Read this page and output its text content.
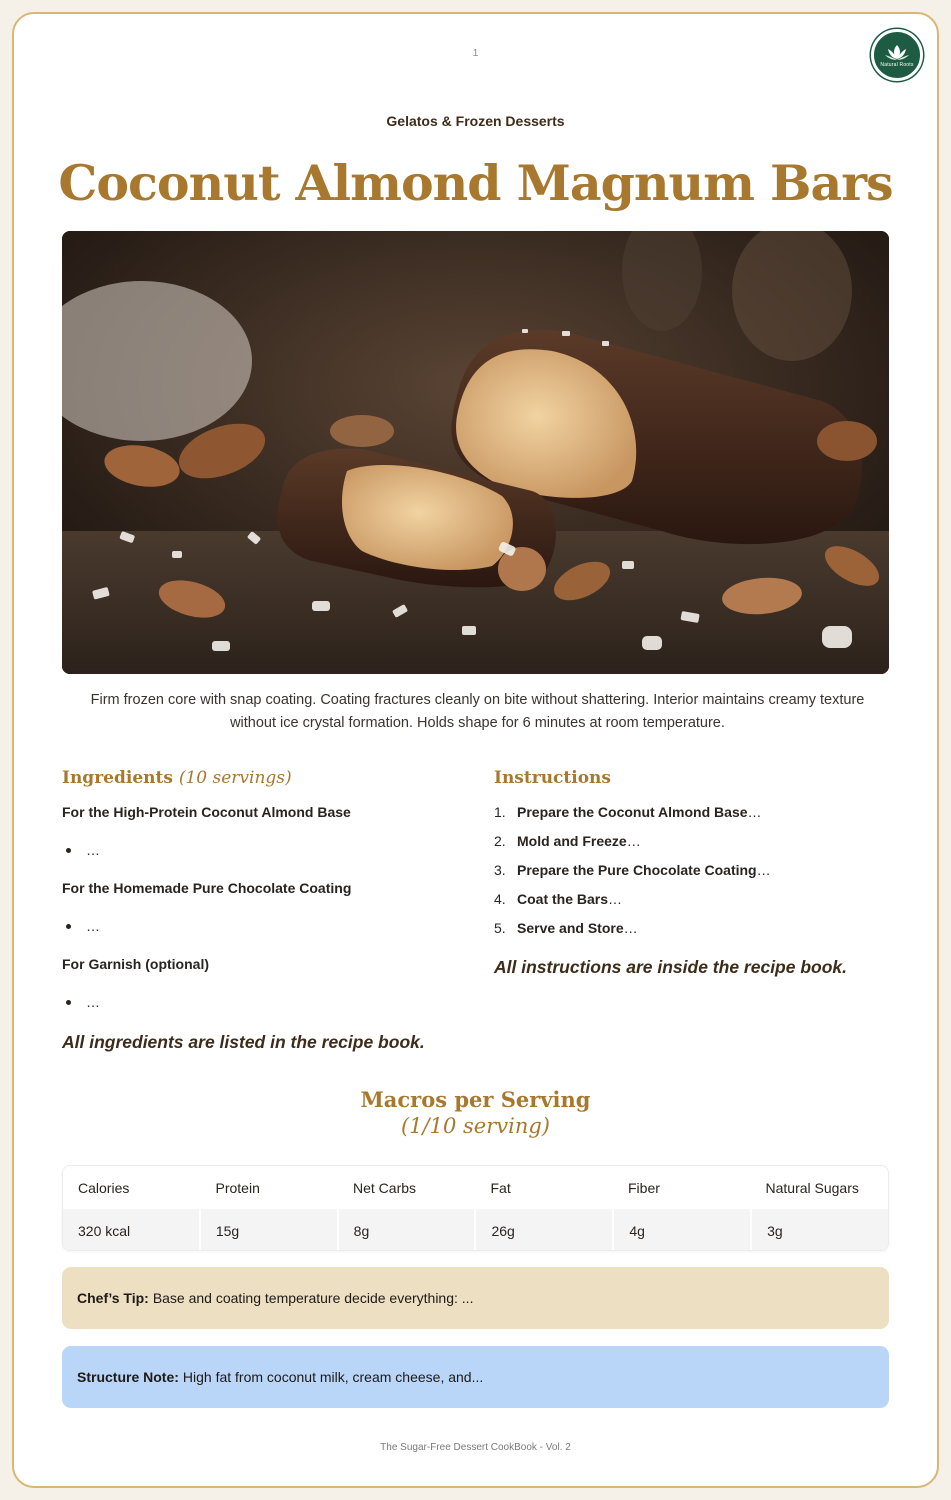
1
Natural Roots
Gelatos & Frozen Desserts
Coconut Almond Magnum Bars

Firm frozen core with snap coating. Coating fractures cleanly on bite without shattering. Interior maintains creamy texture without ice crystal formation. Holds shape for 6 minutes at room temperature.

Ingredients (10 servings)
For the High-Protein Coconut Almond Base
…
For the Homemade Pure Chocolate Coating
…
For Garnish (optional)
…
All ingredients are listed in the recipe book.
Instructions
1. Prepare the Coconut Almond Base …
2. Mold and Freeze …
3. Prepare the Pure Chocolate Coating …
4. Coat the Bars …
5. Serve and Store …
All instructions are inside the recipe book.
Macros per Serving
(1/10 serving)
Calories	Protein	Net Carbs	Fat	Fiber	Natural Sugars
320 kcal	15g	8g	26g	4g	3g
Chef’s Tip: Base and coating temperature decide everything: ...
Structure Note: High fat from coconut milk, cream cheese, and...
The Sugar-Free Dessert CookBook - Vol. 2
